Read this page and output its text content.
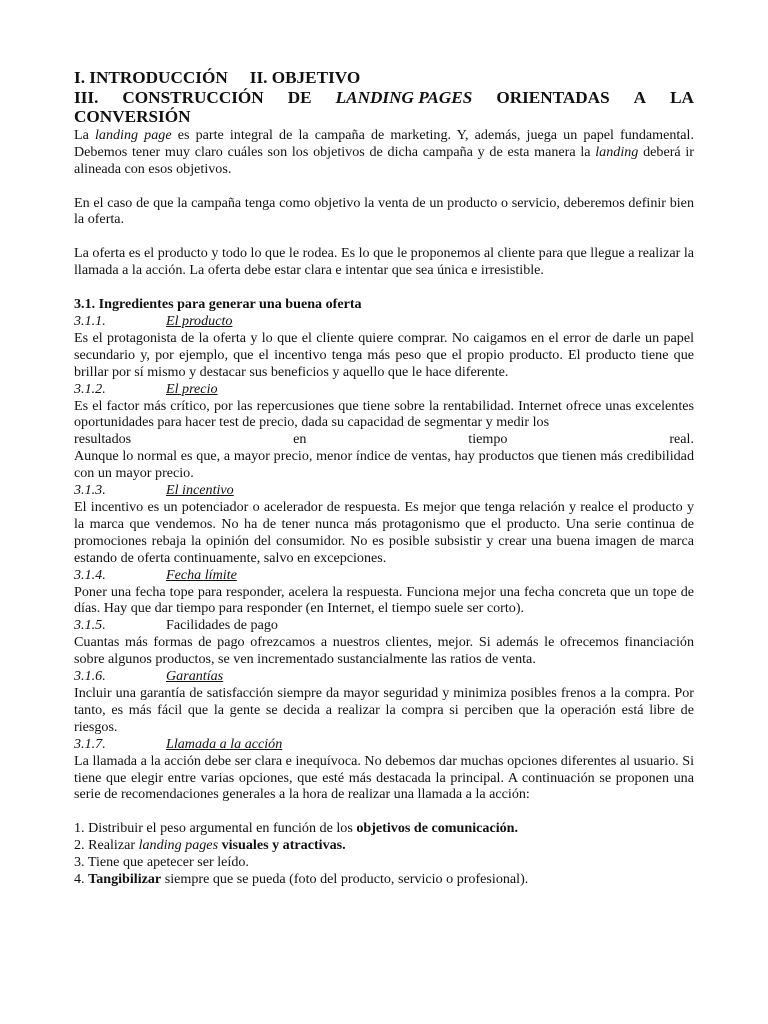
I. INTRODUCCIÓN II. OBJETIVO

III. CONSTRUCCIÓN DE LANDING PAGES ORIENTADAS A LA

CONVERSIÓN

La landing page es parte integral de la campaña de marketing. Y, además, juega un papel fundamental. Debemos tener muy claro cuáles son los objetivos de dicha campaña y de esta manera la landing deberá ir alineada con esos objetivos.

En el caso de que la campaña tenga como objetivo la venta de un producto o servicio, deberemos definir bien la oferta.

La oferta es el producto y todo lo que le rodea. Es lo que le proponemos al cliente para que llegue a realizar la llamada a la acción. La oferta debe estar clara e intentar que sea única e irresistible.

3.1. Ingredientes para generar una buena oferta

3.1.1.	El producto

Es el protagonista de la oferta y lo que el cliente quiere comprar. No caigamos en el error de darle un papel secundario y, por ejemplo, que el incentivo tenga más peso que el propio producto. El producto tiene que brillar por sí mismo y destacar sus beneficios y aquello que le hace diferente.

3.1.2.	El precio

Es el factor más crítico, por las repercusiones que tiene sobre la rentabilidad. Internet ofrece unas excelentes oportunidades para hacer test de precio, dada su capacidad de segmentar y medir los

resultados	en	tiempo	real.

Aunque lo normal es que, a mayor precio, menor índice de ventas, hay productos que tienen más credibilidad con un mayor precio.

3.1.3.	El incentivo

El incentivo es un potenciador o acelerador de respuesta. Es mejor que tenga relación y realce el producto y la marca que vendemos. No ha de tener nunca más protagonismo que el producto. Una serie continua de promociones rebaja la opinión del consumidor. No es posible subsistir y crear una buena imagen de marca estando de oferta continuamente, salvo en excepciones.

3.1.4.	Fecha límite

Poner una fecha tope para responder, acelera la respuesta. Funciona mejor una fecha concreta que un tope de días. Hay que dar tiempo para responder (en Internet, el tiempo suele ser corto).

3.1.5.	Facilidades de pago

Cuantas más formas de pago ofrezcamos a nuestros clientes, mejor. Si además le ofrecemos financiación sobre algunos productos, se ven incrementado sustancialmente las ratios de venta.

3.1.6.	Garantías

Incluir una garantía de satisfacción siempre da mayor seguridad y minimiza posibles frenos a la compra. Por tanto, es más fácil que la gente se decida a realizar la compra si perciben que la operación está libre de riesgos.

3.1.7.	Llamada a la acción

La llamada a la acción debe ser clara e inequívoca. No debemos dar muchas opciones diferentes al usuario. Si tiene que elegir entre varias opciones, que esté más destacada la principal. A continuación se proponen una serie de recomendaciones generales a la hora de realizar una llamada a la acción:

1. Distribuir el peso argumental en función de los objetivos de comunicación.
2. Realizar landing pages visuales y atractivas.
3. Tiene que apetecer ser leído.
4. Tangibilizar siempre que se pueda (foto del producto, servicio o profesional).
